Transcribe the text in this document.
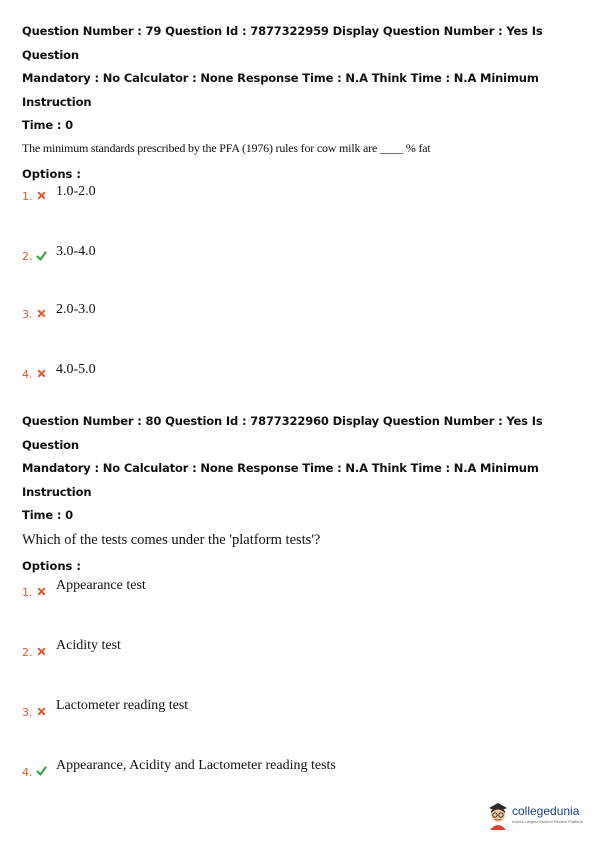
Question Number : 79 Question Id : 7877322959 Display Question Number : Yes Is Question
Mandatory : No Calculator : None Response Time : N.A Think Time : N.A Minimum Instruction
Time : 0

The minimum standards prescribed by the PFA (1976) rules for cow milk are ____ % fat

Options :

1. 1.0-2.0
2. 3.0-4.0
3. 2.0-3.0
4. 4.0-5.0

Question Number : 80 Question Id : 7877322960 Display Question Number : Yes Is Question
Mandatory : No Calculator : None Response Time : N.A Think Time : N.A Minimum Instruction
Time : 0

Which of the tests comes under the 'platform tests'?

Options :

1. Appearance test
2. Acidity test
3. Lactometer reading test
4. Appearance, Acidity and Lactometer reading tests
collegedunia
India's Largest Student Review Platform
